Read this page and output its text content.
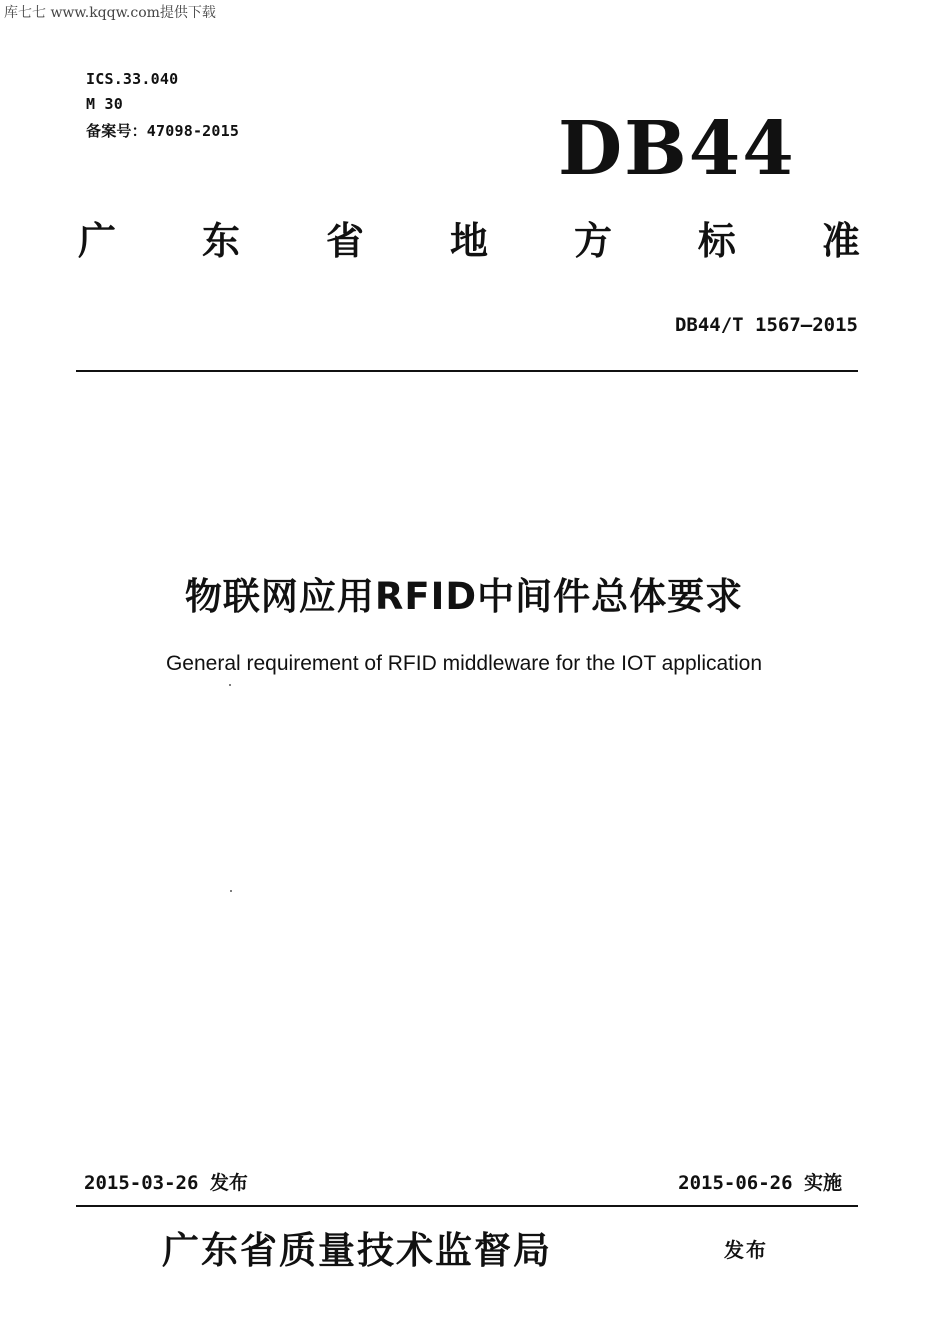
库七七 www.kqqw.com提供下载
ICS.33.040
M 30
备案号：47098-2015	DB44
广 东 省 地 方 标 准
DB44/T 1567—2015
物联网应用RFID中间件总体要求
General requirement of RFID middleware for the IOT application
2015-03-26 发布	2015-06-26 实施
广东省质量技术监督局	发布
